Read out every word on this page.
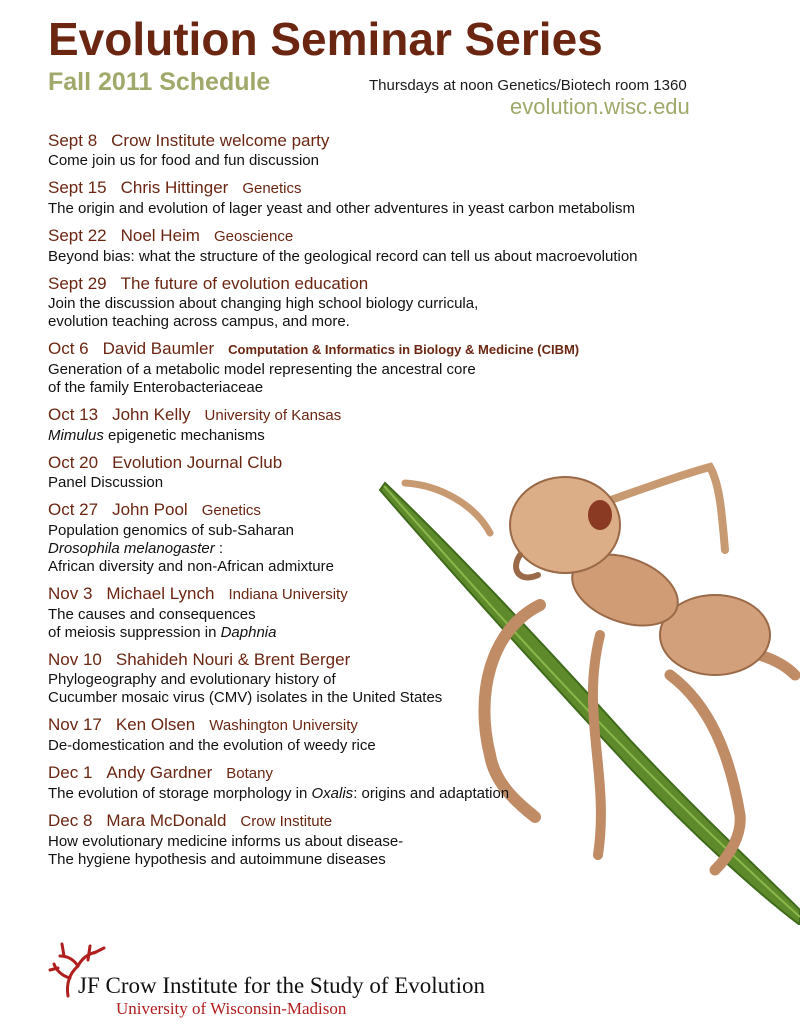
Evolution Seminar Series
Fall 2011 Schedule	Thursdays at noon Genetics/Biotech room 1360
evolution.wisc.edu
Sept 8 Crow Institute welcome party
Come join us for food and fun discussion
Sept 15 Chris Hittinger Genetics
The origin and evolution of lager yeast and other adventures in yeast carbon metabolism
Sept 22 Noel Heim Geoscience
Beyond bias: what the structure of the geological record can tell us about macroevolution
Sept 29 The future of evolution education
Join the discussion about changing high school biology curricula,
evolution teaching across campus, and more.
Oct 6 David Baumler Computation & Informatics in Biology & Medicine (CIBM)
Generation of a metabolic model representing the ancestral core
of the family Enterobacteriaceae
Oct 13 John Kelly University of Kansas
Mimulus epigenetic mechanisms
Oct 20 Evolution Journal Club
Panel Discussion
Oct 27 John Pool Genetics
Population genomics of sub-Saharan
Drosophila melanogaster :
African diversity and non-African admixture
Nov 3 Michael Lynch Indiana University
The causes and consequences
of meiosis suppression in Daphnia
Nov 10 Shahideh Nouri & Brent Berger
Phylogeography and evolutionary history of
Cucumber mosaic virus (CMV) isolates in the United States
Nov 17 Ken Olsen Washington University
De-domestication and the evolution of weedy rice
Dec 1 Andy Gardner Botany
The evolution of storage morphology in Oxalis: origins and adaptation
Dec 8 Mara McDonald Crow Institute
How evolutionary medicine informs us about disease-
The hygiene hypothesis and autoimmune diseases
JF Crow Institute for the Study of Evolution
University of Wisconsin-Madison
